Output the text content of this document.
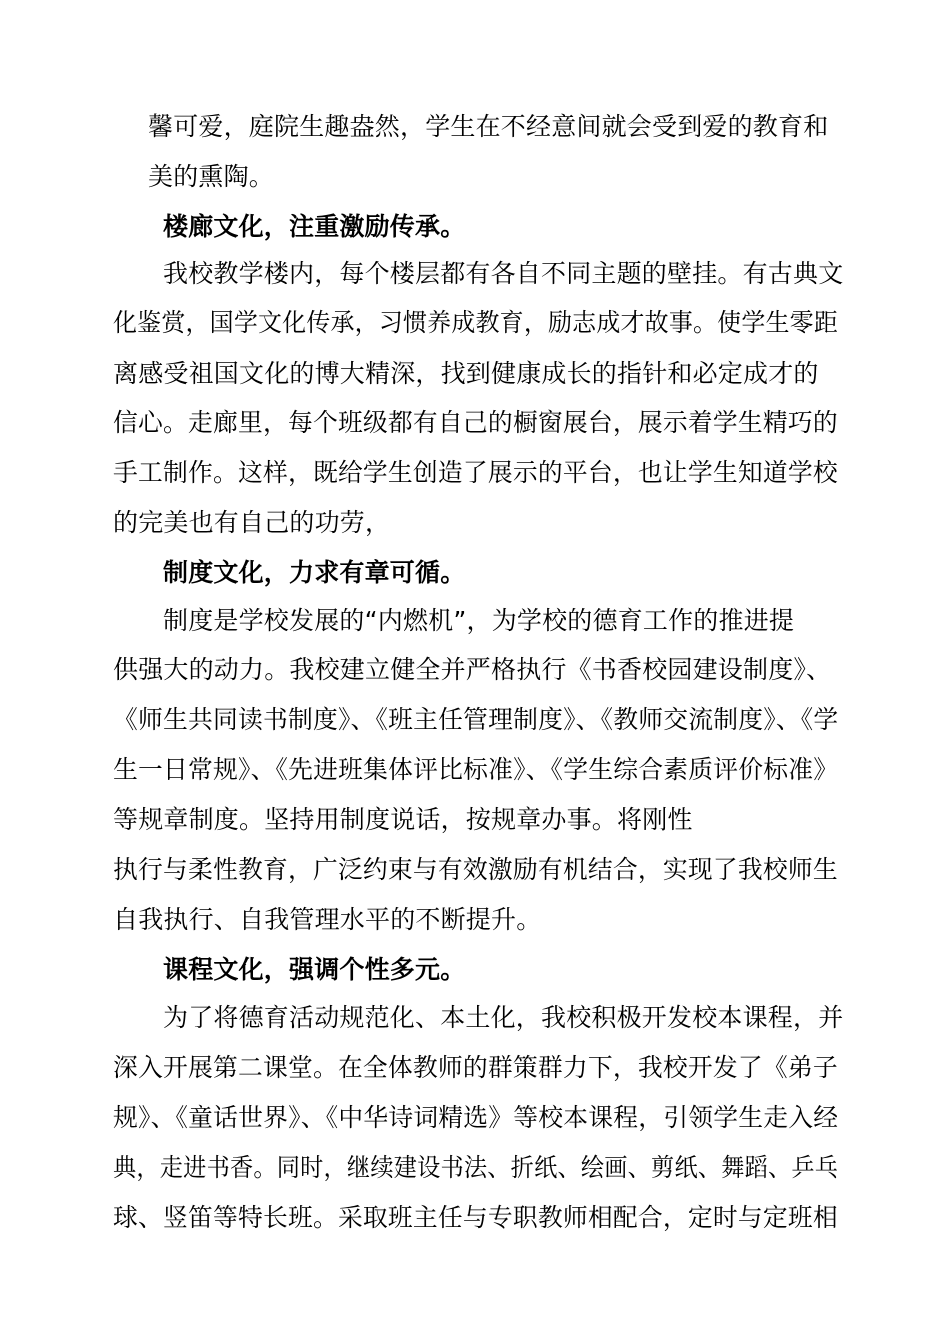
馨可爱，庭院生趣盎然，学生在不经意间就会受到爱的教育和
美的熏陶。
楼廊文化，注重激励传承。
我校教学楼内，每个楼层都有各自不同主题的壁挂。有古典文
化鉴赏，国学文化传承，习惯养成教育，励志成才故事。使学生零距
离感受祖国文化的博大精深，找到健康成长的指针和必定成才的
信心。走廊里，每个班级都有自己的橱窗展台，展示着学生精巧的
手工制作。这样，既给学生创造了展示的平台，也让学生知道学校
的完美也有自己的功劳，
制度文化，力求有章可循。
制度是学校发展的“内燃机”，为学校的德育工作的推进提
供强大的动力。我校建立健全并严格执行《书香校园建设制度》、
《师生共同读书制度》、《班主任管理制度》、《教师交流制度》、《学
生一日常规》、《先进班集体评比标准》、《学生综合素质评价标准》
等规章制度。坚持用制度说话，按规章办事。将刚性
执行与柔性教育，广泛约束与有效激励有机结合，实现了我校师生
自我执行、自我管理水平的不断提升。
课程文化，强调个性多元。
为了将德育活动规范化、本土化，我校积极开发校本课程，并
深入开展第二课堂。在全体教师的群策群力下，我校开发了《弟子
规》、《童话世界》、《中华诗词精选》等校本课程，引领学生走入经
典，走进书香。同时，继续建设书法、折纸、绘画、剪纸、舞蹈、乒乓
球、竖笛等特长班。采取班主任与专职教师相配合，定时与定班相
